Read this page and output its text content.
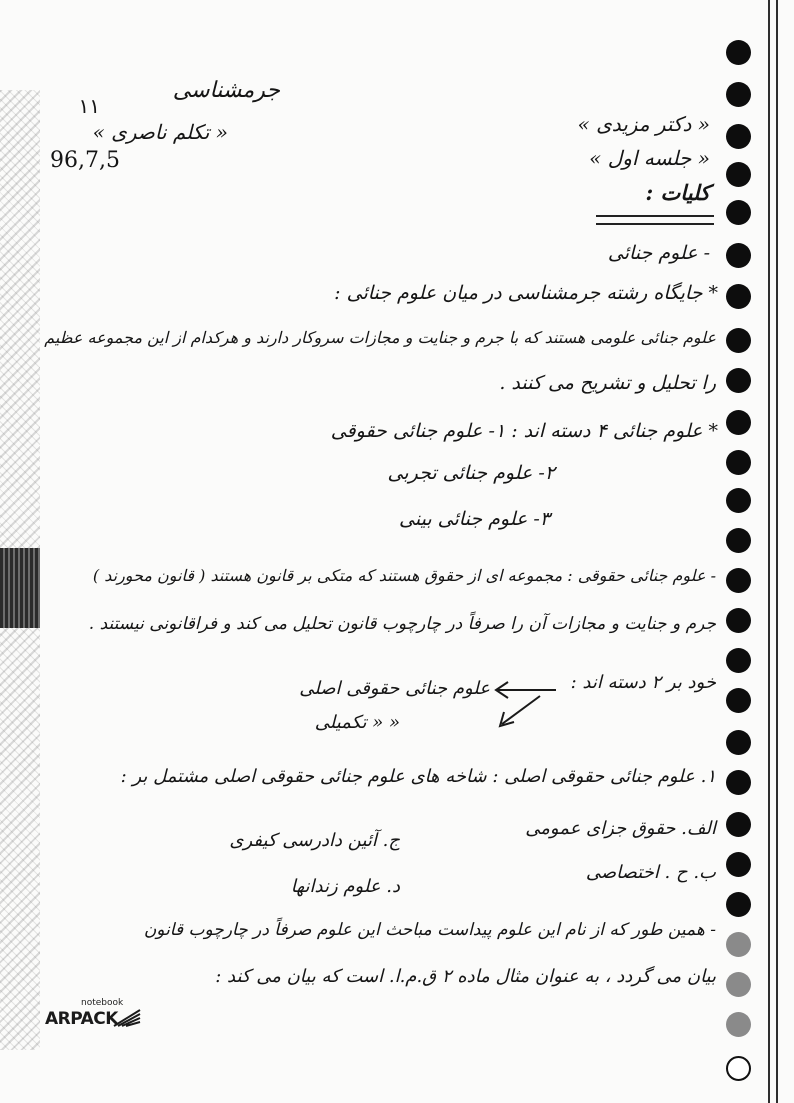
جرمشناسی
۱۱
« تکلم ناصری »
96,7,5
« دکتر مزیدی »
« جلسه اول »
کلیات :
- علوم جنائی
* جایگاه رشته جرمشناسی در میان علوم جنائی :
علوم جنائی علومی هستند که با جرم و جنایت و مجازات سروکار دارند و هرکدام از این مجموعه عظیم
را تحلیل و تشریح می کنند .
* علوم جنائی ۴ دسته اند : ۱- علوم جنائی حقوقی
۲- علوم جنائی تجربی
۳- علوم جنائی بینی
- علوم جنائی حقوقی : مجموعه ای از حقوق هستند که متکی بر قانون هستند ( قانون محورند )
جرم و جنایت و مجازات آن را صرفاً در چارچوب قانون تحلیل می کند و فراقانونی نیستند .
خود بر ۲ دسته اند :
علوم جنائی حقوقی اصلی
« « تکمیلی
۱. علوم جنائی حقوقی اصلی : شاخه های علوم جنائی حقوقی اصلی مشتمل بر :
الف. حقوق جزای عمومی
ج. آئین دادرسی کیفری
ب. ح . اختصاصی
د. علوم زندانها
- همین طور که از نام این علوم پیداست مباحث این علوم صرفاً در چارچوب قانون
بیان می گردد ، به عنوان مثال ماده ۲ ق.م.ا. است که بیان می کند :
notebook
ARPACK
